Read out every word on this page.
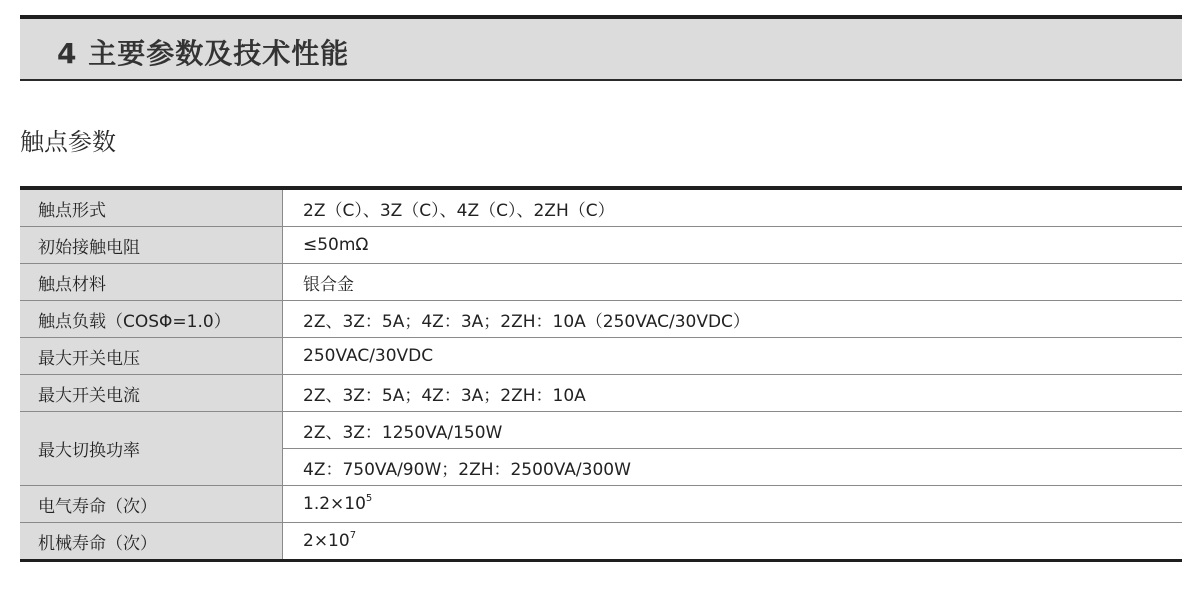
4 主要参数及技术性能
触点参数
触点形式	2Z（C）、3Z（C）、4Z（C）、2ZH（C）
初始接触电阻	≤50mΩ
触点材料	银合金
触点负载（COSΦ=1.0）	2Z、3Z：5A；4Z：3A；2ZH：10A（250VAC/30VDC）
最大开关电压	250VAC/30VDC
最大开关电流	2Z、3Z：5A；4Z：3A；2ZH：10A
最大切换功率	2Z、3Z：1250VA/150W
	4Z：750VA/90W；2ZH：2500VA/300W
电气寿命（次）	$1.2\times 10^5$
机械寿命（次）	$2\times 10^7$
